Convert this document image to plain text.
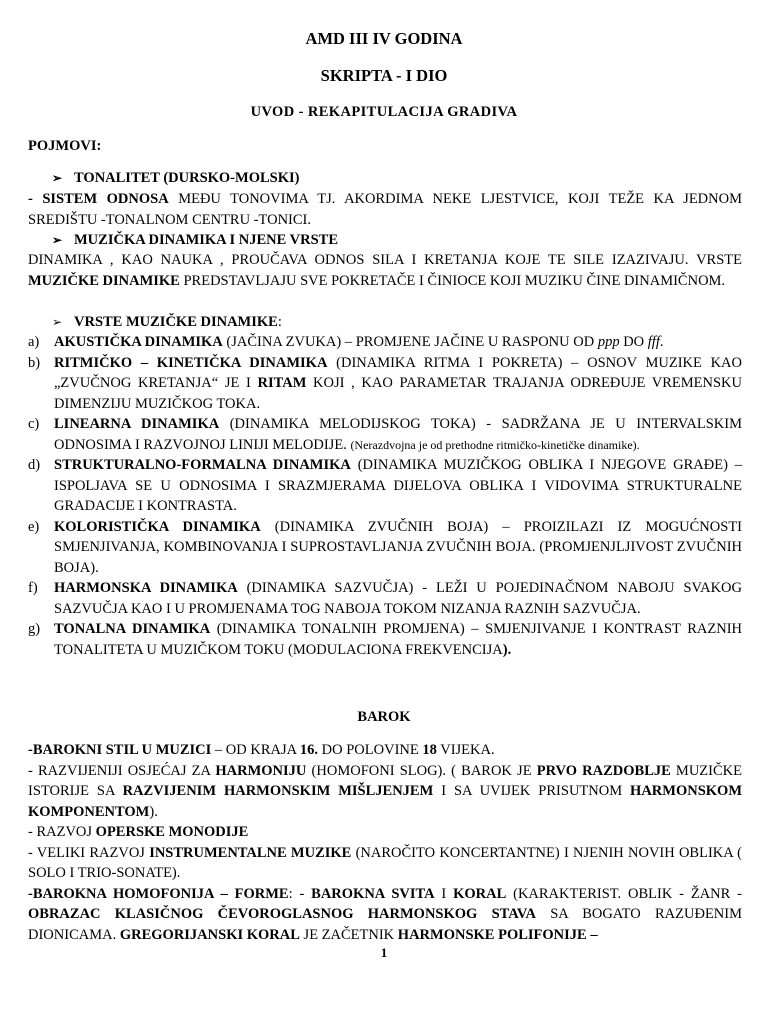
AMD III IV GODINA
SKRIPTA - I DIO
UVOD - REKAPITULACIJA GRADIVA
POJMOVI:
➢ TONALITET (DURSKO-MOLSKI)
- SISTEM ODNOSA MEĐU TONOVIMA TJ. AKORDIMA NEKE LJESTVICE, KOJI TEŽE KA JEDNOM SREDIŠTU -TONALNOM CENTRU -TONICI.
➢ MUZIČKA DINAMIKA I NJENE VRSTE
DINAMIKA , KAO NAUKA , PROUČAVA ODNOS SILA I KRETANJA KOJE TE SILE IZAZIVAJU. VRSTE MUZIČKE DINAMIKE PREDSTAVLJAJU SVE POKRETAČE I ČINIOCE KOJI MUZIKU ČINE DINAMIČNOM.
➢ VRSTE MUZIČKE DINAMIKE:
a) AKUSTIČKA DINAMIKA (JAČINA ZVUKA) – PROMJENE JAČINE U RASPONU OD ppp DO fff.
b) RITMIČKO – KINETIČKA DINAMIKA (DINAMIKA RITMA I POKRETA) – OSNOV MUZIKE KAO „ZVUČNOG KRETANJA“ JE I RITAM KOJI , KAO PARAMETAR TRAJANJA ODREĐUJE VREMENSKU DIMENZIJU MUZIČKOG TOKA.
c) LINEARNA DINAMIKA (DINAMIKA MELODIJSKOG TOKA) - SADRŽANA JE U INTERVALSKIM ODNOSIMA I RAZVOJNOJ LINIJI MELODIJE. (Nerazdvojna je od prethodne ritmičko-kinetičke dinamike).
d) STRUKTURALNO-FORMALNA DINAMIKA (DINAMIKA MUZIČKOG OBLIKA I NJEGOVE GRAĐE) – ISPOLJAVA SE U ODNOSIMA I SRAZMJERAMA DIJELOVA OBLIKA I VIDOVIMA STRUKTURALNE GRADACIJE I KONTRASTA.
e) KOLORISTIČKA DINAMIKA (DINAMIKA ZVUČNIH BOJA) – PROIZILAZI IZ MOGUĆNOSTI SMJENJIVANJA, KOMBINOVANJA I SUPROSTAVLJANJA ZVUČNIH BOJA. (PROMJENJLJIVOST ZVUČNIH BOJA).
f) HARMONSKA DINAMIKA (DINAMIKA SAZVUČJA) - LEŽI U POJEDINAČNOM NABOJU SVAKOG SAZVUČJA KAO I U PROMJENAMA TOG NABOJA TOKOM NIZANJA RAZNIH SAZVUČJA.
g) TONALNA DINAMIKA (DINAMIKA TONALNIH PROMJENA) – SMJENJIVANJE I KONTRAST RAZNIH TONALITETA U MUZIČKOM TOKU (MODULACIONA FREKVENCIJA).
BAROK
-BAROKNI STIL U MUZICI – OD KRAJA 16. DO POLOVINE 18 VIJEKA.
- RAZVIJENIJI OSJEĆAJ ZA HARMONIJU (HOMOFONI SLOG). ( BAROK JE PRVO RAZDOBLJE MUZIČKE ISTORIJE SA RAZVIJENIM HARMONSKIM MIŠLJENJEM I SA UVIJEK PRISUTNOM HARMONSKOM KOMPONENTOM).
- RAZVOJ OPERSKE MONODIJE
- VELIKI RAZVOJ INSTRUMENTALNE MUZIKE (NAROČITO KONCERTANTNE) I NJENIH NOVIH OBLIKA ( SOLO I TRIO-SONATE).
-BAROKNA HOMOFONIJA – FORME: - BAROKNA SVITA I KORAL (KARAKTERIST. OBLIK - ŽANR - OBRAZAC KLASIČNOG ČEVOROGLASNOG HARMONSKOG STAVA SA BOGATO RAZUĐENIM DIONICAMA. GREGORIJANSKI KORAL JE ZAČETNIK HARMONSKE POLIFONIJE –
1
